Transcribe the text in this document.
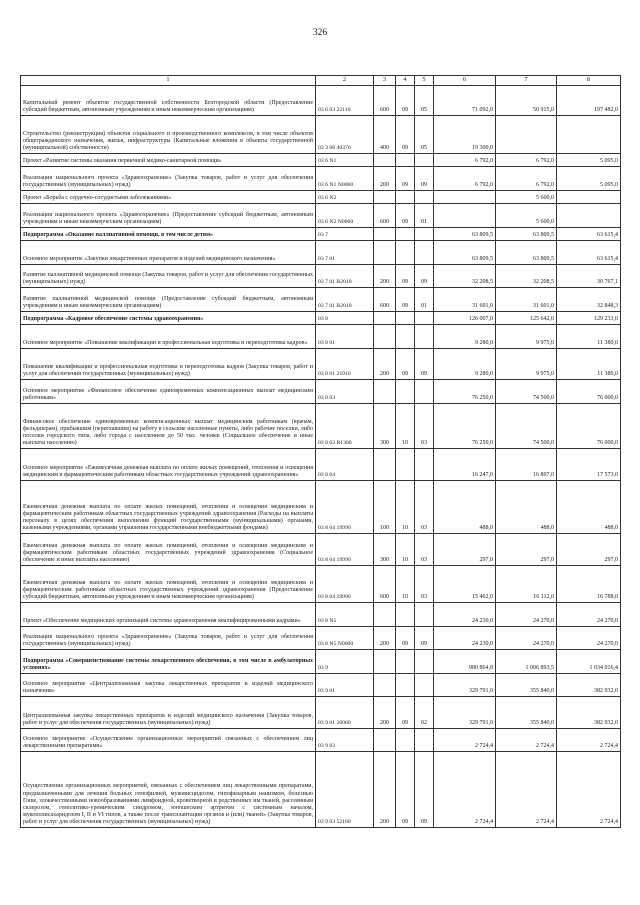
326
1	2	3	4	5	6	7	8
Капитальный ремонт объектов государственной собственности Белгородской области (Предоставление субсидий бюджетным, автономным учреждениям и иным некоммерческим организациям)	03 6 03 22110	600	09	05	71 092,0	50 915,0	197 482,0
Строительство (реконструкция) объектов социального и производственного комплексов, в том числе объектов общегражданского назначения, жилья, инфраструктуры (Капитальные вложения в объекты государственной (муниципальной) собственности)	03 3 08 40370	400	09	05	19 300,0		
Проект «Развитие системы оказания первичной медико-санитарной помощи»	03 6 N1				6 792,0	6 792,0	5 095,0
Реализация национального проекта «Здравоохранение» (Закупка товаров, работ и услуг для обеспечения государственных (муниципальных) нужд)	03 6 N1 N0000	200	09	09	6 792,0	6 792,0	5 095,0
Проект «Борьба с сердечно-сосудистыми заболеваниями»	03 6 N2					5 600,0	
Реализация национального проекта «Здравоохранение» (Предоставление субсидий бюджетным, автономным учреждениям и иным некоммерческим организациям)	03 6 N2 N0000	600	09	01		5 600,0	
Подпрограмма «Оказание паллиативной помощи, в том числе детям»	03 7				63 809,5	63 809,5	63 615,4
Основное мероприятие «Закупки лекарственных препаратов и изделий медицинского назначения»	03 7 01				63 809,5	63 809,5	63 615,4
Развитие паллиативной медицинской помощи (Закупка товаров, работ и услуг для обеспечения государственных (муниципальных) нужд)	03 7 01 R2010	200	09	09	32 208,5	32 208,5	30 767,1
Развитие паллиативной медицинской помощи (Предоставление субсидий бюджетным, автономным учреждениям и иным некоммерческим организациям)	03 7 01 R2010	600	09	01	31 601,0	31 601,0	32 848,3
Подпрограмма «Кадровое обеспечение системы здравоохранения»	03 8				126 007,0	125 642,0	129 233,0
Основное мероприятие «Повышение квалификации и профессиональная подготовка и переподготовка кадров»	03 8 01				9 280,0	9 975,0	11 380,0
Повышение квалификации и профессиональная подготовка и переподготовка кадров (Закупка товаров, работ и услуг для обеспечения государственных (муниципальных) нужд)	03 8 01 21010	200	09	09	9 280,0	9 975,0	11 380,0
Основное мероприятие «Финансовое обеспечение единовременных компенсационных выплат медицинским работникам»	03 8 03				76 250,0	74 500,0	76 000,0
Финансовое обеспечение единовременных компенсационных выплат медицинским работникам (врачам, фельдшерам), прибывшим (переехавшим) на работу в сельские населенные пункты, либо рабочие поселки, либо поселки городского типа, либо города с населением до 50 тыс. человек (Социальное обеспечение и иные выплаты населению)	03 8 03 R1380	300	10	03	76 250,0	74 500,0	76 000,0
Основное мероприятие «Ежемесячная денежная выплата по оплате жилых помещений, отопления и освещения медицинским и фармацевтическим работникам областных государственных учреждений здравоохранения»	03 8 04				16 247,0	16 897,0	17 573,0
Ежемесячная денежная выплата по оплате жилых помещений, отопления и освещения медицинским и фармацевтическим работникам областных государственных учреждений здравоохранения (Расходы на выплаты персоналу в целях обеспечения выполнения функций государственными (муниципальными) органами, казенными учреждениями, органами управления государственными внебюджетными фондами)	03 8 04 19990	100	10	03	488,0	488,0	488,0
Ежемесячная денежная выплата по оплате жилых помещений, отопления и освещения медицинским и фармацевтическим работникам областных государственных учреждений здравоохранения (Социальное обеспечение и иные выплаты населению)	03 8 04 19990	300	10	03	297,0	297,0	297,0
Ежемесячная денежная выплата по оплате жилых помещений, отопления и освещения медицинским и фармацевтическим работникам областных государственных учреждений здравоохранения (Предоставление субсидий бюджетным, автономным учреждениям и иным некоммерческим организациям)	03 8 04 19990	600	10	03	15 462,0	16 112,0	16 788,0
Проект «Обеспечение медицинских организаций системы здравоохранения квалифицированными кадрами»	03 8 N5				24 230,0	24 270,0	24 270,0
Реализация национального проекта «Здравоохранение» (Закупка товаров, работ и услуг для обеспечения государственных (муниципальных) нужд)	03 8 N5 N0000	200	09	09	24 230,0	24 270,0	24 270,0
Подпрограмма «Совершенствование системы лекарственного обеспечения, в том числе в амбулаторных условиях»	03 9				980 864,8	1 006 893,5	1 034 016,4
Основное мероприятие «Централизованная закупка лекарственных препаратов и изделий медицинского назначения»	03 9 01				329 791,0	355 840,0	382 932,0
Централизованная закупка лекарственных препаратов и изделий медицинского назначения (Закупка товаров, работ и услуг для обеспечения государственных (муниципальных) нужд)	03 9 01 20060	200	09	02	329 791,0	355 840,0	382 932,0
Основное мероприятие «Осуществление организационных мероприятий связанных с обеспечением лиц лекарственными препаратами»	03 9 03				2 724,4	2 724,4	2 724,4
Осуществление организационных мероприятий, связанных с обеспечением лиц лекарственными препаратами, предназначенными для лечения больных гемофилией, муковисцидозом, гипофизарным нанизмом, болезнью Гоше, злокачественными новообразованиями лимфоидной, кроветворной и родственных им тканей, рассеянным склерозом, гемолитико-уремическим синдромом, юношеским артритом с системным началом, мукополисахаридозом I, II и VI типов, а также после трансплантации органов и (или) тканей» (Закупка товаров, работ и услуг для обеспечения государственных (муниципальных) нужд)	03 9 03 52160	200	09	09	2 724,4	2 724,4	2 724,4
